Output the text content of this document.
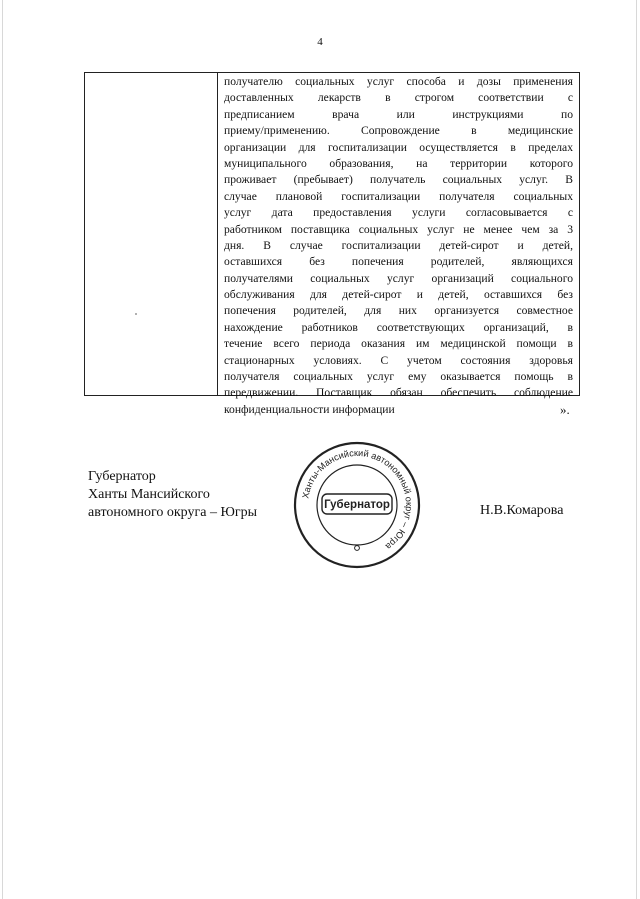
4
получателю социальных услуг способа и дозы применения
доставленных лекарств в строгом соответствии с
предписанием врача или инструкциями по
приему/применению. Сопровождение в медицинские
организации для госпитализации осуществляется в пределах
муниципального образования, на территории которого
проживает (пребывает) получатель социальных услуг. В
случае плановой госпитализации получателя социальных
услуг дата предоставления услуги согласовывается с
работником поставщика социальных услуг не менее чем за 3
дня. В случае госпитализации детей-сирот и детей,
оставшихся без попечения родителей, являющихся
получателями социальных услуг организаций социального
обслуживания для детей-сирот и детей, оставшихся без
попечения родителей, для них организуется совместное
нахождение работников соответствующих организаций, в
течение всего периода оказания им медицинской помощи в
стационарных условиях. С учетом состояния здоровья
получателя социальных услуг ему оказывается помощь в
передвижении. Поставщик обязан обеспечить соблюдение
конфиденциальности информации	».
Губернатор
Ханты Мансийского
автономного округа – Югры
Ханты-Мансийский автономный округ – Югра
Губернатор	Н.В.Комарова
